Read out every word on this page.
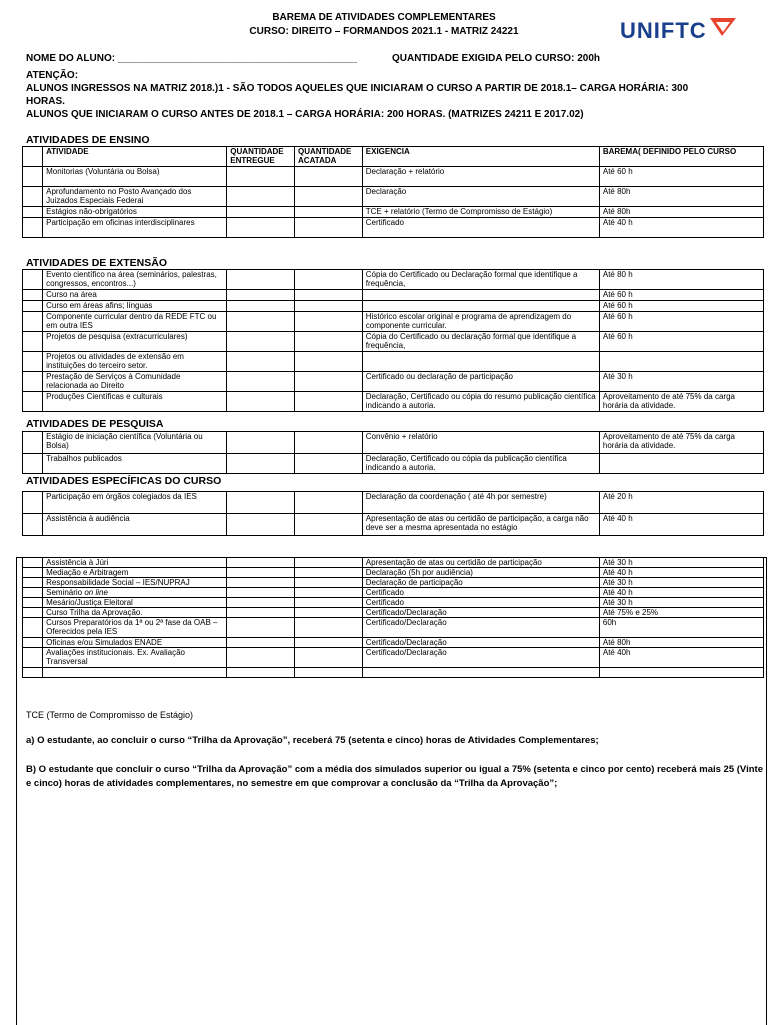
BAREMA DE ATIVIDADES COMPLEMENTARES
CURSO: DIREITO – FORMANDOS 2021.1 - MATRIZ 24221	UNIFTC
NOME DO ALUNO: ___________________________________________	QUANTIDADE EXIGIDA PELO CURSO: 200h
ATENÇÃO:
ALUNOS INGRESSOS NA MATRIZ 2018.)1 - SÃO TODOS AQUELES QUE INICIARAM O CURSO A PARTIR DE 2018.1– CARGA HORÁRIA: 300
HORAS.
ALUNOS QUE INICIARAM O CURSO ANTES DE 2018.1 – CARGA HORÁRIA: 200 HORAS. (MATRIZES 24211 E 2017.02)
ATIVIDADES DE ENSINO
	ATIVIDADE	QUANTIDADE ENTREGUE	QUANTIDADE ACATADA	EXIGENCIA	BAREMA( DEFINIDO PELO CURSO
	Monitorias (Voluntária ou Bolsa)			Declaração + relatório	Até 60 h
	Aprofundamento no Posto Avançado dos Juizados Especiais Federai			Declaração	Até 80h
	Estágios não-obrigatórios			TCE + relatório (Termo de Compromisso de Estágio)	Até 80h
	Participação em oficinas interdisciplinares			Certificado	Até 40 h
ATIVIDADES DE EXTENSÃO
	Evento científico na área (seminários, palestras, congressos, encontros...)			Cópia do Certificado ou Declaração formal que identifique a frequência,	Até 80 h
	Curso na área				Até 60 h
	Curso em áreas afins; línguas				Até 60 h
	Componente curricular dentro da REDE FTC ou em outra IES			Histórico escolar original e programa de aprendizagem do componente curricular.	Até 60 h
	Projetos de pesquisa (extracurriculares)			Cópia do Certificado ou declaração formal que identifique a frequência,	Até 60 h
	Projetos ou atividades de extensão em instituições do terceiro setor.				
	Prestação de Serviços à Comunidade relacionada ao Direito			Certificado ou declaração de participação	Até 30 h
	Produções Científicas e culturais			Declaração, Certificado ou cópia do resumo publicação científica indicando a autoria.	Aproveitamento de até 75% da carga horária da atividade.
ATIVIDADES DE PESQUISA
	Estágio de iniciação científica (Voluntária ou Bolsa)			Convênio + relatório	Aproveitamento de até 75% da carga horária da atividade.
	Trabalhos publicados			Declaração, Certificado ou cópia da publicação científica indicando a autoria.	
ATIVIDADES ESPECÍFICAS DO CURSO
	Participação em órgãos colegiados da IES			Declaração da coordenação ( até 4h por semestre)	Até 20 h
	Assistência à audiência			Apresentação de atas ou certidão de participação, a carga não deve ser a mesma apresentada no estágio	Até 40 h
	Assistência à Júri			Apresentação de atas ou certidão de participação	Até 30 h
	Mediação e Arbitragem			Declaração (5h por audiência)	Até 40 h
	Responsabilidade Social – IES/NUPRAJ			Declaração de participação	Até 30 h
	Seminário on line			Certificado	Até 40 h
	Mesário/Justiça Eleitoral			Certificado	Até 30 h
	Curso Trilha da Aprovação.			Certificado/Declaração	Até 75% e 25%
	Cursos Preparatórios da 1ª ou 2ª fase da OAB – Oferecidos pela IES			Certificado/Declaração	60h
	Oficinas e/ou Simulados ENADE			Certificado/Declaração	Até 80h
	Avaliações institucionais. Ex. Avaliação Transversal			Certificado/Declaração	Até 40h

TCE (Termo de Compromisso de Estágio)
a) O estudante, ao concluir o curso “Trilha da Aprovação”, receberá 75 (setenta e cinco) horas de Atividades Complementares;
B) O estudante que concluir o curso “Trilha da Aprovação” com a média dos simulados superior ou igual a 75% (setenta e cinco por cento) receberá mais 25 (Vinte e cinco) horas de atividades complementares, no semestre em que comprovar a conclusão da “Trilha da Aprovação”;
